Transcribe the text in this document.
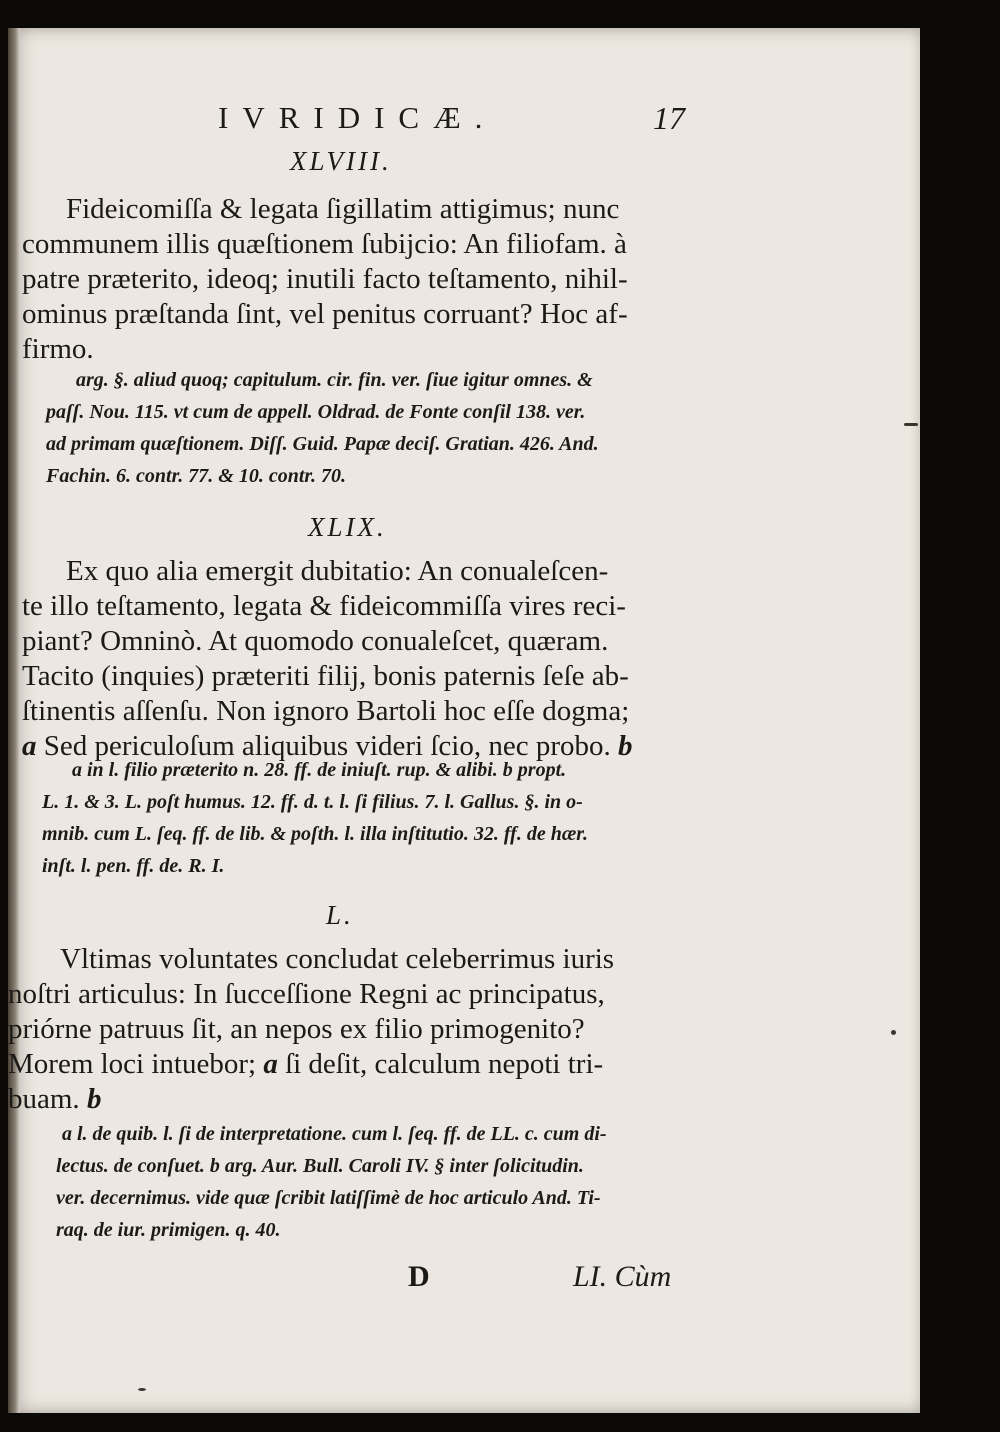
IVRIDICÆ.	17

XLVIII.

Fideicomiſſa & legata ſigillatim attigimus; nunc
communem illis quæſtionem ſubijcio: An filiofam. à
patre præterito, ideoq; inutili facto teſtamento, nihil-
ominus præſtanda ſint, vel penitus corruant? Hoc af-
firmo.
arg. §. aliud quoq; capitulum. cir. fin. ver. ſiue igitur omnes. &
paſſ. Nou. 115. vt cum de appell. Oldrad. de Fonte conſil 138. ver.
ad primam quæſtionem. Diſſ. Guid. Papæ deciſ. Gratian. 426. And.
Fachin. 6. contr. 77. & 10. contr. 70.

XLIX.

Ex quo alia emergit dubitatio: An conualeſcen-
te illo teſtamento, legata & fideicommiſſa vires reci-
piant? Omninò. At quomodo conualeſcet, quæram.
Tacito (inquies) præteriti filij, bonis paternis ſeſe ab-
ſtinentis aſſenſu. Non ignoro Bartoli hoc eſſe dogma;
a Sed periculoſum aliquibus videri ſcio, nec probo. b
a in l. filio præterito n. 28. ff. de iniuſt. rup. & alibi. b propt.
L. 1. & 3. L. poſt humus. 12. ff. d. t. l. ſi filius. 7. l. Gallus. §. in o-
mnib. cum L. ſeq. ff. de lib. & poſth. l. illa inſtitutio. 32. ff. de hær.
inſt. l. pen. ff. de. R. I.

L.

Vltimas voluntates concludat celeberrimus iuris
noſtri articulus: In ſucceſſione Regni ac principatus,
priórne patruus ſit, an nepos ex filio primogenito?
Morem loci intuebor; a ſi deſit, calculum nepoti tri-
buam. b
a l. de quib. l. ſi de interpretatione. cum l. ſeq. ff. de LL. c. cum di-
lectus. de conſuet. b arg. Aur. Bull. Caroli IV. § inter ſolicitudin.
ver. decernimus. vide quæ ſcribit latiſſimè de hoc articulo And. Ti-
raq. de iur. primigen. q. 40.

D	LI. Cùm
